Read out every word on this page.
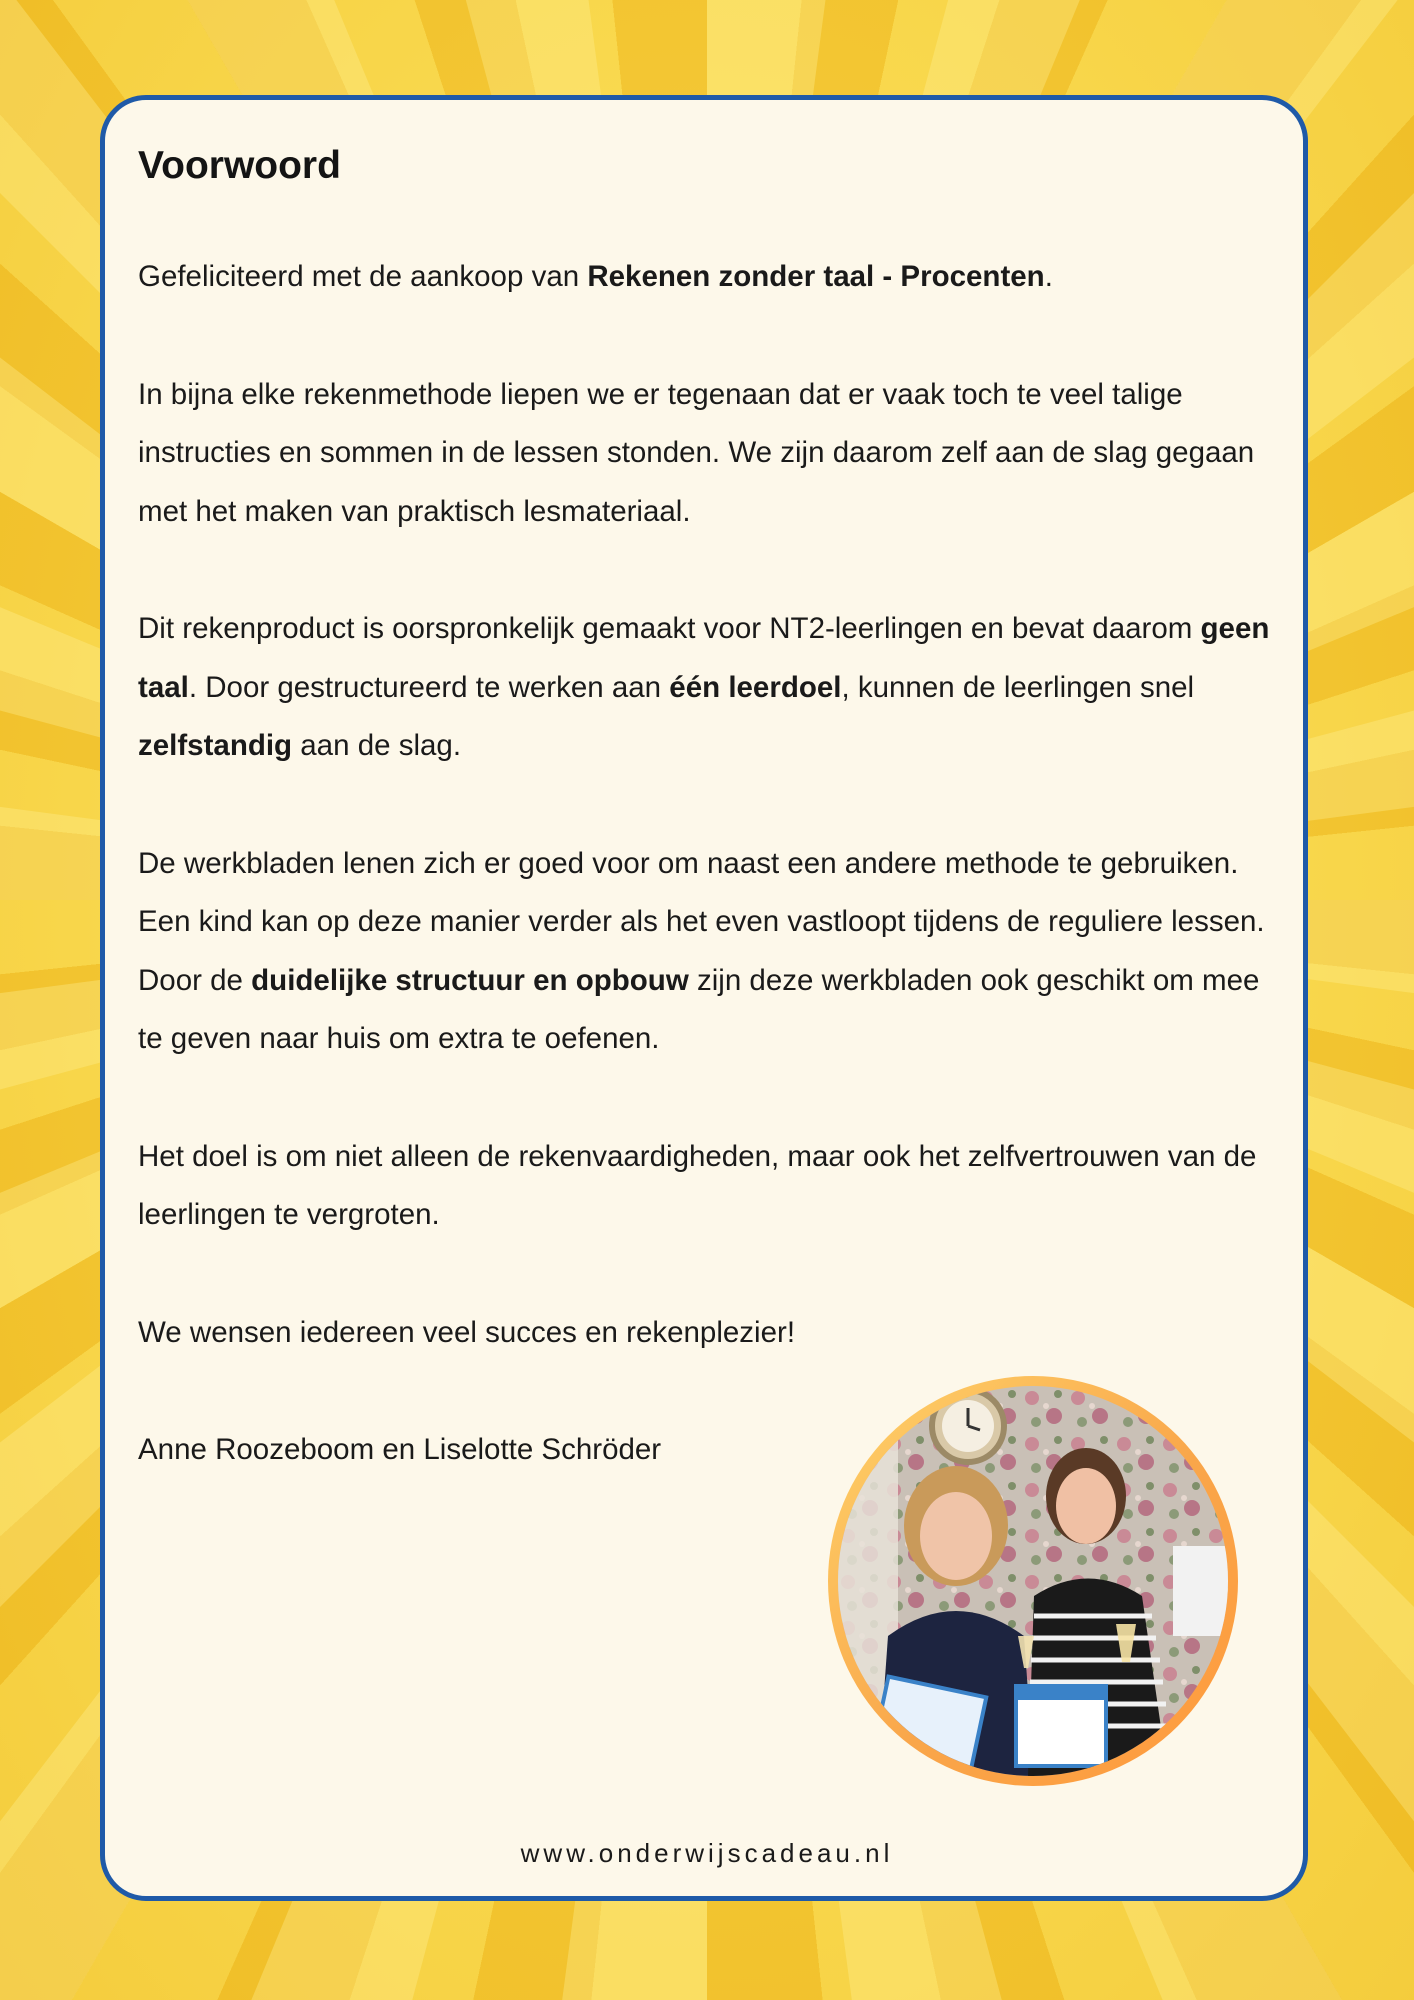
Voorwoord

Gefeliciteerd met de aankoop van Rekenen zonder taal - Procenten.

In bijna elke rekenmethode liepen we er tegenaan dat er vaak toch te veel talige instructies en sommen in de lessen stonden. We zijn daarom zelf aan de slag gegaan met het maken van praktisch lesmateriaal.

Dit rekenproduct is oorspronkelijk gemaakt voor NT2-leerlingen en bevat daarom geen taal. Door gestructureerd te werken aan één leerdoel, kunnen de leerlingen snel zelfstandig aan de slag.

De werkbladen lenen zich er goed voor om naast een andere methode te gebruiken. Een kind kan op deze manier verder als het even vastloopt tijdens de reguliere lessen. Door de duidelijke structuur en opbouw zijn deze werkbladen ook geschikt om mee te geven naar huis om extra te oefenen.

Het doel is om niet alleen de rekenvaardigheden, maar ook het zelfvertrouwen van de leerlingen te vergroten.

We wensen iedereen veel succes en rekenplezier!

Anne Roozeboom en Liselotte Schröder

www.onderwijscadeau.nl
